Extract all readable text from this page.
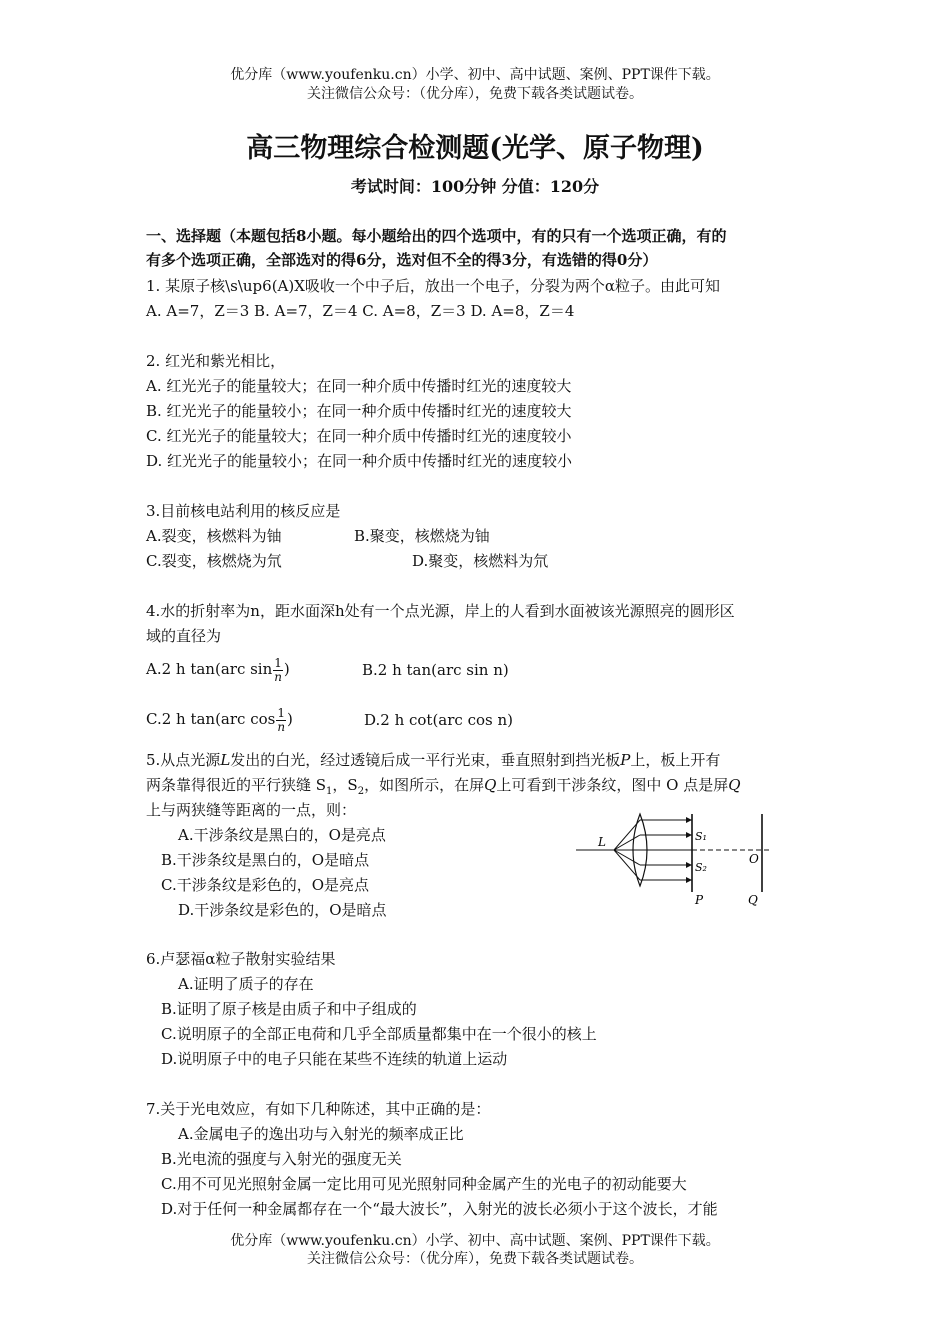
优分库（www.youfenku.cn）小学、初中、高中试题、案例、PPT课件下载。
关注微信公众号：（优分库），免费下载各类试题试卷。
高三物理综合检测题(光学、原子物理)
考试时间：100分钟 分值：120分
一、选择题（本题包括8小题。每小题给出的四个选项中，有的只有一个选项正确，有的
有多个选项正确，全部选对的得6分，选对但不全的得3分，有选错的得0分）
1. 某原子核\s\up6(A)X吸收一个中子后，放出一个电子，分裂为两个α粒子。由此可知
A. A=7，Z＝3 B. A=7，Z＝4 C. A=8，Z＝3 D. A=8，Z＝4
2. 红光和紫光相比，
A. 红光光子的能量较大；在同一种介质中传播时红光的速度较大
B. 红光光子的能量较小；在同一种介质中传播时红光的速度较大
C. 红光光子的能量较大；在同一种介质中传播时红光的速度较小
D. 红光光子的能量较小；在同一种介质中传播时红光的速度较小
3.目前核电站利用的核反应是
A.裂变，核燃料为铀	B.聚变，核燃烧为铀
C.裂变，核燃烧为氘	D.聚变，核燃料为氘
4.水的折射率为n，距水面深h处有一个点光源，岸上的人看到水面被该光源照亮的圆形区
域的直径为
A.2 h tan(arc $\sin \frac{1}{n}$ )	B.2 h tan(arc sin n)
C.2 h tan(arc $\cos \frac{1}{n}$ )	D.2 h cot(arc cos n)
5.从点光源L发出的白光，经过透镜后成一平行光束，垂直照射到挡光板P上，板上开有
两条靠得很近的平行狭缝 $S_1$，$S_2$，如图所示，在屏Q上可看到干涉条纹，图中 O 点是屏Q
上与两狭缝等距离的一点，则：
A.干涉条纹是黑白的，O是亮点
B.干涉条纹是黑白的，O是暗点
C.干涉条纹是彩色的，O是亮点
D.干涉条纹是彩色的，O是暗点
L	S₁
S₂
O
P	Q
6.卢瑟福α粒子散射实验结果
A.证明了质子的存在
B.证明了原子核是由质子和中子组成的
C.说明原子的全部正电荷和几乎全部质量都集中在一个很小的核上
D.说明原子中的电子只能在某些不连续的轨道上运动
7.关于光电效应，有如下几种陈述，其中正确的是：
A.金属电子的逸出功与入射光的频率成正比
B.光电流的强度与入射光的强度无关
C.用不可见光照射金属一定比用可见光照射同种金属产生的光电子的初动能要大
D.对于任何一种金属都存在一个“最大波长”，入射光的波长必须小于这个波长，才能
优分库（www.youfenku.cn）小学、初中、高中试题、案例、PPT课件下载。
关注微信公众号：（优分库），免费下载各类试题试卷。
